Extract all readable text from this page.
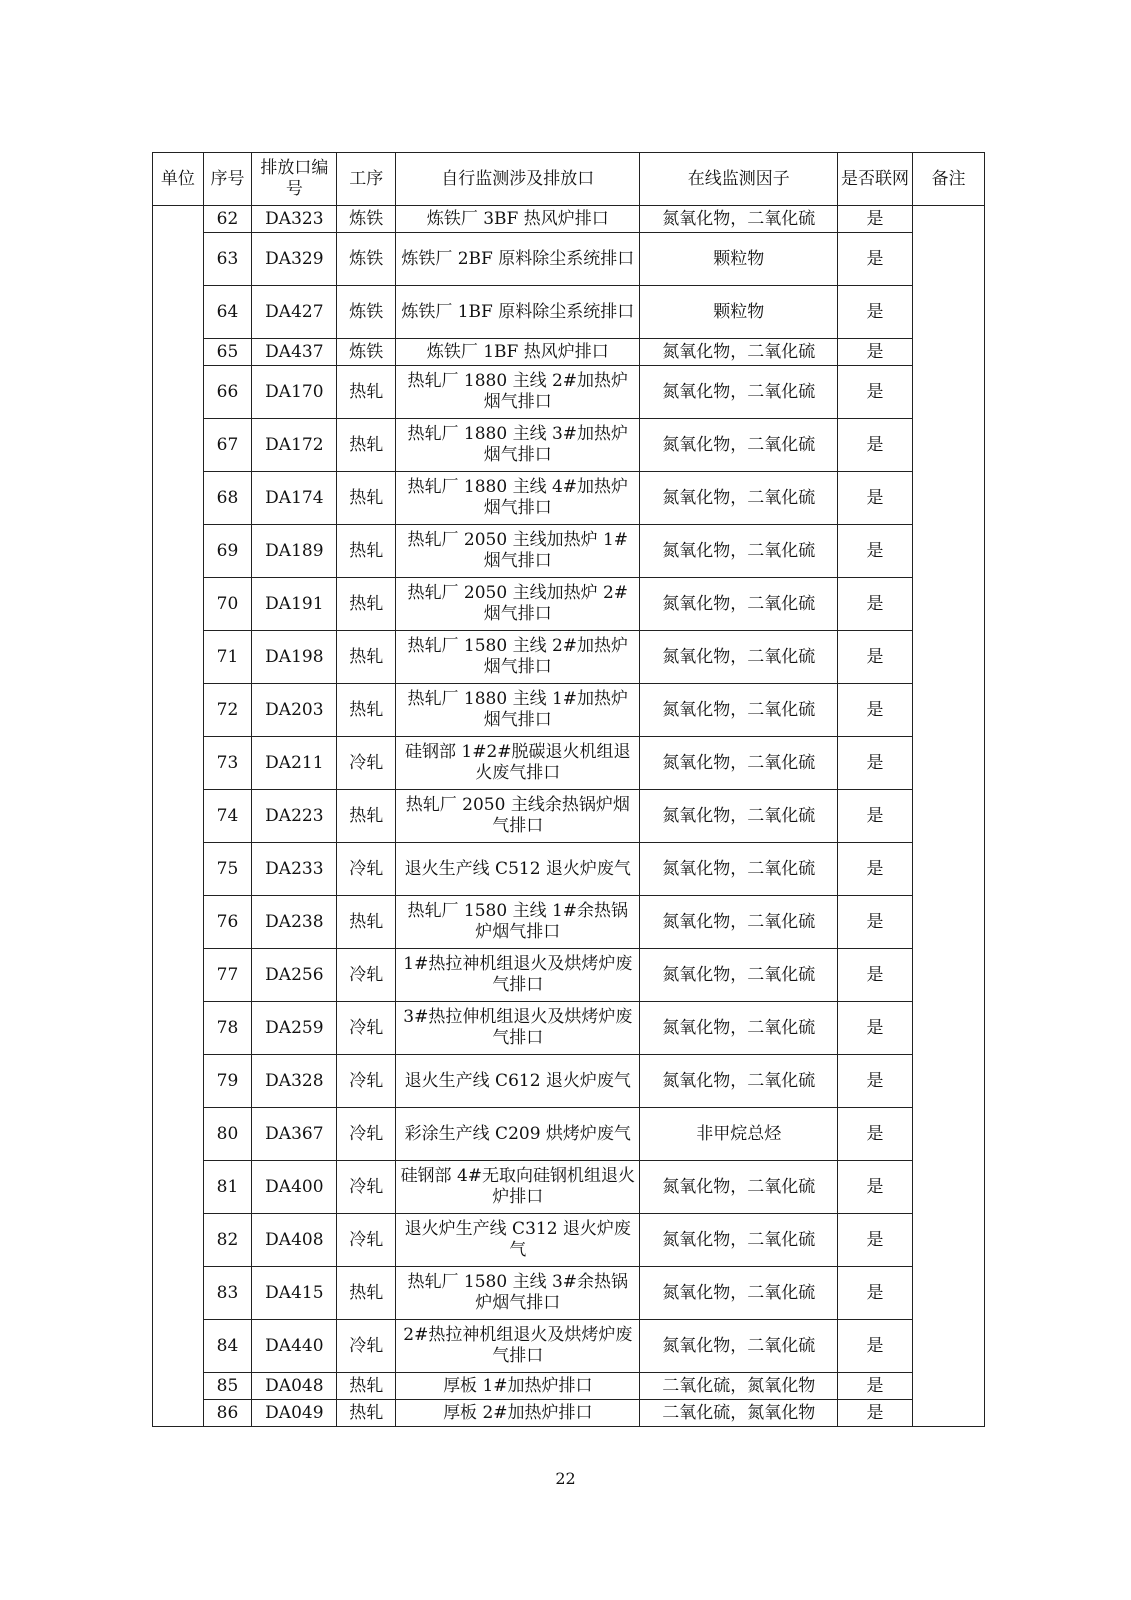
单位	序号	排放口编号	工序	自行监测涉及排放口	在线监测因子	是否联网	备注
	62	DA323	炼铁	炼铁厂 3BF 热风炉排口	氮氧化物，二氧化硫	是	
	63	DA329	炼铁	炼铁厂 2BF 原料除尘系统排口	颗粒物	是	
	64	DA427	炼铁	炼铁厂 1BF 原料除尘系统排口	颗粒物	是	
	65	DA437	炼铁	炼铁厂 1BF 热风炉排口	氮氧化物，二氧化硫	是	
	66	DA170	热轧	热轧厂 1880 主线 2#加热炉烟气排口	氮氧化物，二氧化硫	是	
	67	DA172	热轧	热轧厂 1880 主线 3#加热炉烟气排口	氮氧化物，二氧化硫	是	
	68	DA174	热轧	热轧厂 1880 主线 4#加热炉烟气排口	氮氧化物，二氧化硫	是	
	69	DA189	热轧	热轧厂 2050 主线加热炉 1#烟气排口	氮氧化物，二氧化硫	是	
	70	DA191	热轧	热轧厂 2050 主线加热炉 2#烟气排口	氮氧化物，二氧化硫	是	
	71	DA198	热轧	热轧厂 1580 主线 2#加热炉烟气排口	氮氧化物，二氧化硫	是	
	72	DA203	热轧	热轧厂 1880 主线 1#加热炉烟气排口	氮氧化物，二氧化硫	是	
	73	DA211	冷轧	硅钢部 1#2#脱碳退火机组退火废气排口	氮氧化物，二氧化硫	是	
	74	DA223	热轧	热轧厂 2050 主线余热锅炉烟气排口	氮氧化物，二氧化硫	是	
	75	DA233	冷轧	退火生产线 C512 退火炉废气	氮氧化物，二氧化硫	是	
	76	DA238	热轧	热轧厂 1580 主线 1#余热锅炉烟气排口	氮氧化物，二氧化硫	是	
	77	DA256	冷轧	1#热拉神机组退火及烘烤炉废气排口	氮氧化物，二氧化硫	是	
	78	DA259	冷轧	3#热拉伸机组退火及烘烤炉废气排口	氮氧化物，二氧化硫	是	
	79	DA328	冷轧	退火生产线 C612 退火炉废气	氮氧化物，二氧化硫	是	
	80	DA367	冷轧	彩涂生产线 C209 烘烤炉废气	非甲烷总烃	是	
	81	DA400	冷轧	硅钢部 4#无取向硅钢机组退火炉排口	氮氧化物，二氧化硫	是	
	82	DA408	冷轧	退火炉生产线 C312 退火炉废气	氮氧化物，二氧化硫	是	
	83	DA415	热轧	热轧厂 1580 主线 3#余热锅炉烟气排口	氮氧化物，二氧化硫	是	
	84	DA440	冷轧	2#热拉神机组退火及烘烤炉废气排口	氮氧化物，二氧化硫	是	
	85	DA048	热轧	厚板 1#加热炉排口	二氧化硫，氮氧化物	是	
	86	DA049	热轧	厚板 2#加热炉排口	二氧化硫，氮氧化物	是	
22
